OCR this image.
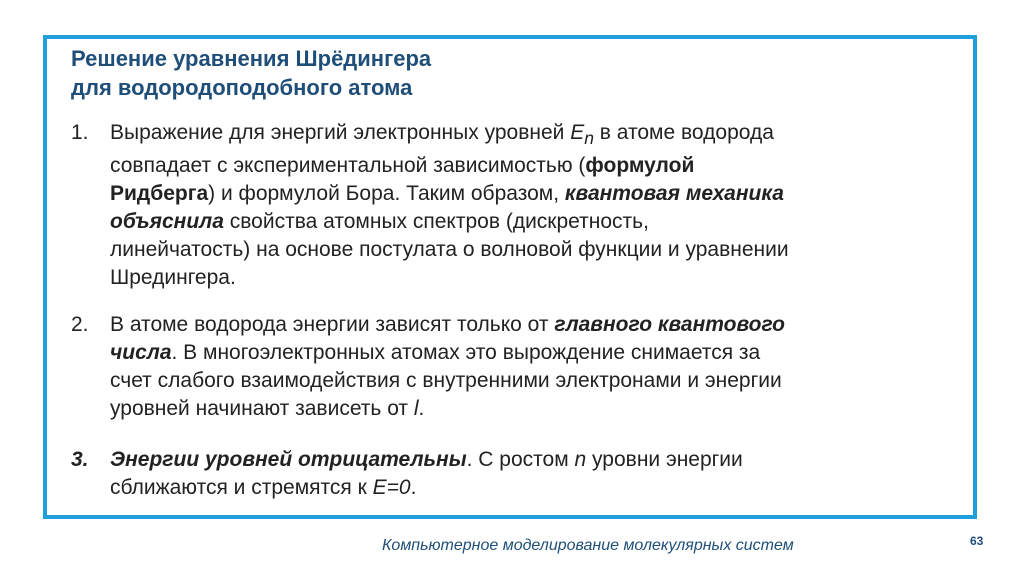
Решение уравнения Шрёдингера
для водородоподобного атома
1. Выражение для энергий электронных уровней $E_n$ в атоме водорода
совпадает с экспериментальной зависимостью (формулой
Ридберга) и формулой Бора. Таким образом, квантовая механика
объяснила свойства атомных спектров (дискретность,
линейчатость) на основе постулата о волновой функции и уравнении
Шредингера.
2. В атоме водорода энергии зависят только от главного квантового
числа. В многоэлектронных атомах это вырождение снимается за
счет слабого взаимодействия с внутренними электронами и энергии
уровней начинают зависеть от l.
3. Энергии уровней отрицательны. С ростом n уровни энергии
сближаются и стремятся к E=0.
Компьютерное моделирование молекулярных систем	63
